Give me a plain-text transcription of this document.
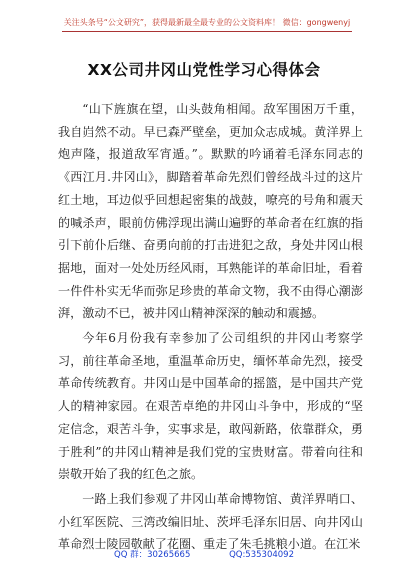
关注头条号“公文研究”，获得最新最全最专业的公文资料库！ 微信：gongwenyj
XX公司井冈山党性学习心得体会

“山下旌旗在望，山头鼓角相闻。敌军围困万千重，我自岿然不动。早已森严壁垒，更加众志成城。黄洋界上炮声隆，报道敌军宵遁。”。默默的吟诵着毛泽东同志的《西江月.井冈山》，脚踏着革命先烈们曾经战斗过的这片红土地，耳边似乎回想起密集的战鼓，嘹亮的号角和震天的喊杀声，眼前仿佛浮现出满山遍野的革命者在红旗的指引下前仆后继、奋勇向前的打击进犯之敌，身处井冈山根据地，面对一处处历经风雨，耳熟能详的革命旧址，看着一件件朴实无华而弥足珍贵的革命文物，我不由得心潮澎湃，激动不已，被井冈山精神深深的触动和震撼。

今年6月份我有幸参加了公司组织的井冈山考察学习，前往革命圣地，重温革命历史，缅怀革命先烈，接受革命传统教育。井冈山是中国革命的摇篮，是中国共产党人的精神家园。在艰苦卓绝的井冈山斗争中，形成的“坚定信念，艰苦斗争，实事求是，敢闯新路，依靠群众，勇于胜利”的井冈山精神是我们党的宝贵财富。带着向往和崇敬开始了我的红色之旅。

一路上我们参观了井冈山革命博物馆、黄洋界哨口、小红军医院、三湾改编旧址、茨坪毛泽东旧居、向井冈山革命烈士陵园敬献了花圈、重走了朱毛挑粮小道。在江米

QQ 群：30265665	QQ:535304092
